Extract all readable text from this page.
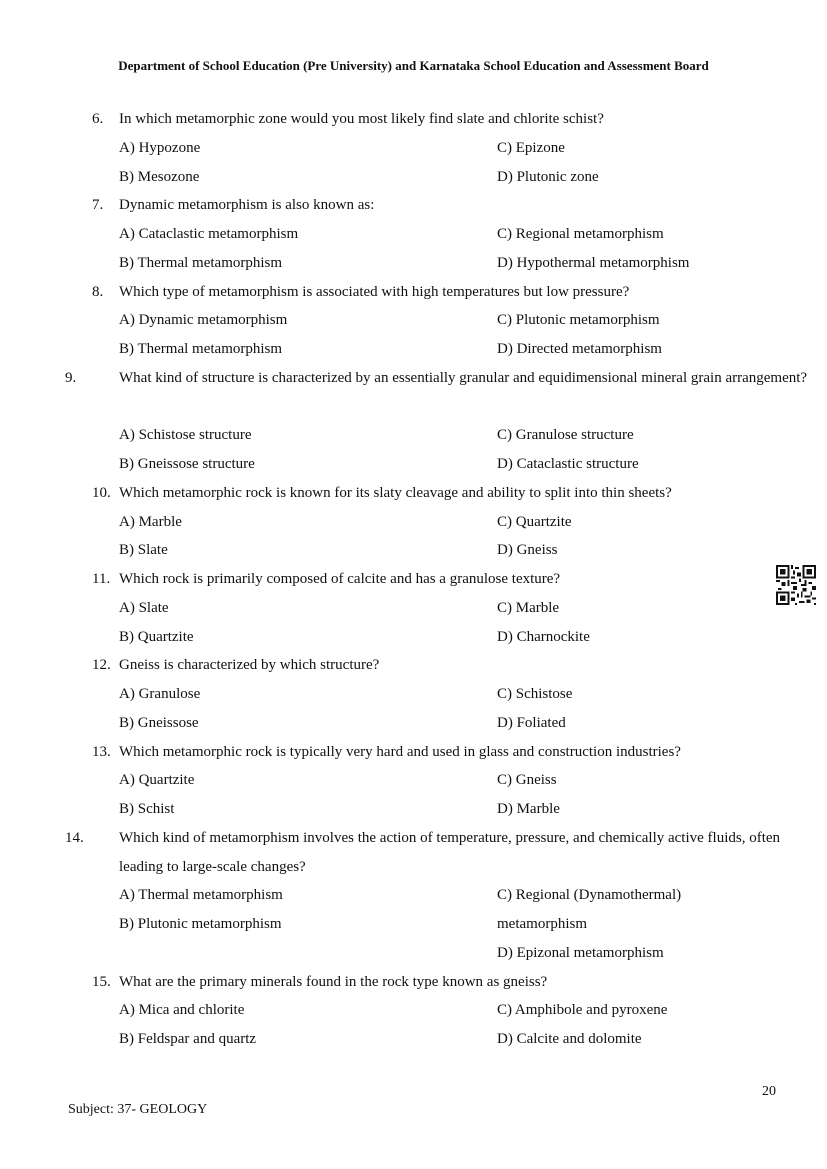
Department of School Education (Pre University) and Karnataka School Education and Assessment Board
6. In which metamorphic zone would you most likely find slate and chlorite schist?
A) Hypozone	C) Epizone
B) Mesozone	D) Plutonic zone
7. Dynamic metamorphism is also known as:
A) Cataclastic metamorphism	C) Regional metamorphism
B) Thermal metamorphism	D) Hypothermal metamorphism
8. Which type of metamorphism is associated with high temperatures but low pressure?
A) Dynamic metamorphism	C) Plutonic metamorphism
B) Thermal metamorphism	D) Directed metamorphism
9.	What kind of structure is characterized by an essentially granular and equidimensional mineral grain arrangement?
A) Schistose structure	C) Granulose structure
B) Gneissose structure	D) Cataclastic structure
10. Which metamorphic rock is known for its slaty cleavage and ability to split into thin sheets?
A) Marble	C) Quartzite
B) Slate	D) Gneiss
11. Which rock is primarily composed of calcite and has a granulose texture?
A) Slate	C) Marble
B) Quartzite	D) Charnockite
12. Gneiss is characterized by which structure?
A) Granulose	C) Schistose
B) Gneissose	D) Foliated
13. Which metamorphic rock is typically very hard and used in glass and construction industries?
A) Quartzite	C) Gneiss
B) Schist	D) Marble
14. Which kind of metamorphism involves the action of temperature, pressure, and chemically active fluids, often leading to large-scale changes?
A) Thermal metamorphism	C) Regional (Dynamothermal)
B) Plutonic metamorphism	metamorphism
D) Epizonal metamorphism
15. What are the primary minerals found in the rock type known as gneiss?
A) Mica and chlorite	C) Amphibole and pyroxene
B) Feldspar and quartz	D) Calcite and dolomite
20
Subject: 37- GEOLOGY
